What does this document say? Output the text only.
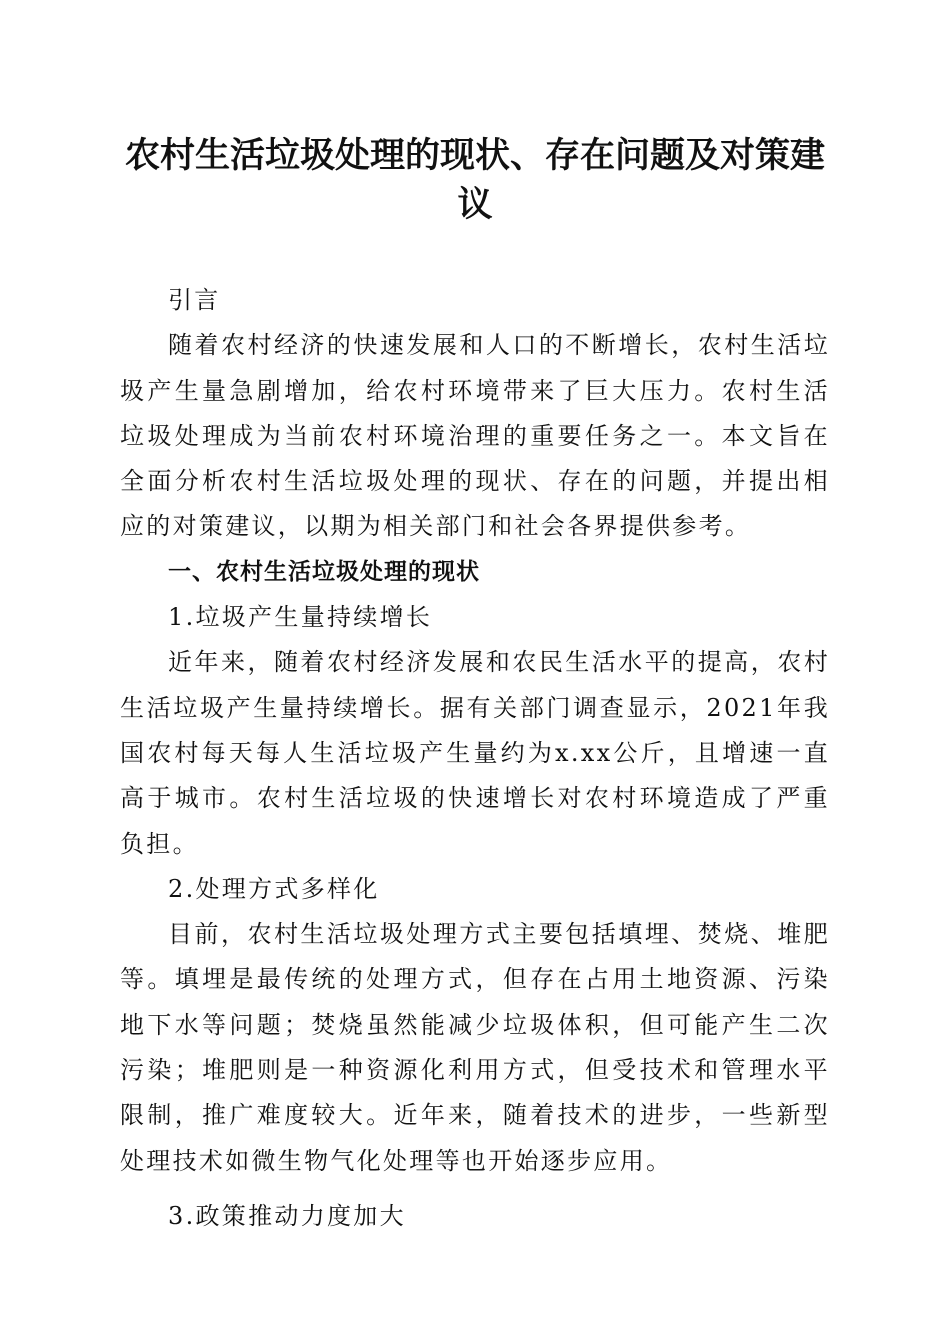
农村生活垃圾处理的现状、存在问题及对策建议

引言

随着农村经济的快速发展和人口的不断增长，农村生活垃圾产生量急剧增加，给农村环境带来了巨大压力。农村生活垃圾处理成为当前农村环境治理的重要任务之一。本文旨在全面分析农村生活垃圾处理的现状、存在的问题，并提出相应的对策建议，以期为相关部门和社会各界提供参考。

一、农村生活垃圾处理的现状

1.垃圾产生量持续增长

近年来，随着农村经济发展和农民生活水平的提高，农村生活垃圾产生量持续增长。据有关部门调查显示，2021年我国农村每天每人生活垃圾产生量约为x.xx公斤，且增速一直高于城市。农村生活垃圾的快速增长对农村环境造成了严重负担。

2.处理方式多样化

目前，农村生活垃圾处理方式主要包括填埋、焚烧、堆肥等。填埋是最传统的处理方式，但存在占用土地资源、污染地下水等问题；焚烧虽然能减少垃圾体积，但可能产生二次污染；堆肥则是一种资源化利用方式，但受技术和管理水平限制，推广难度较大。近年来，随着技术的进步，一些新型处理技术如微生物气化处理等也开始逐步应用。

3.政策推动力度加大
